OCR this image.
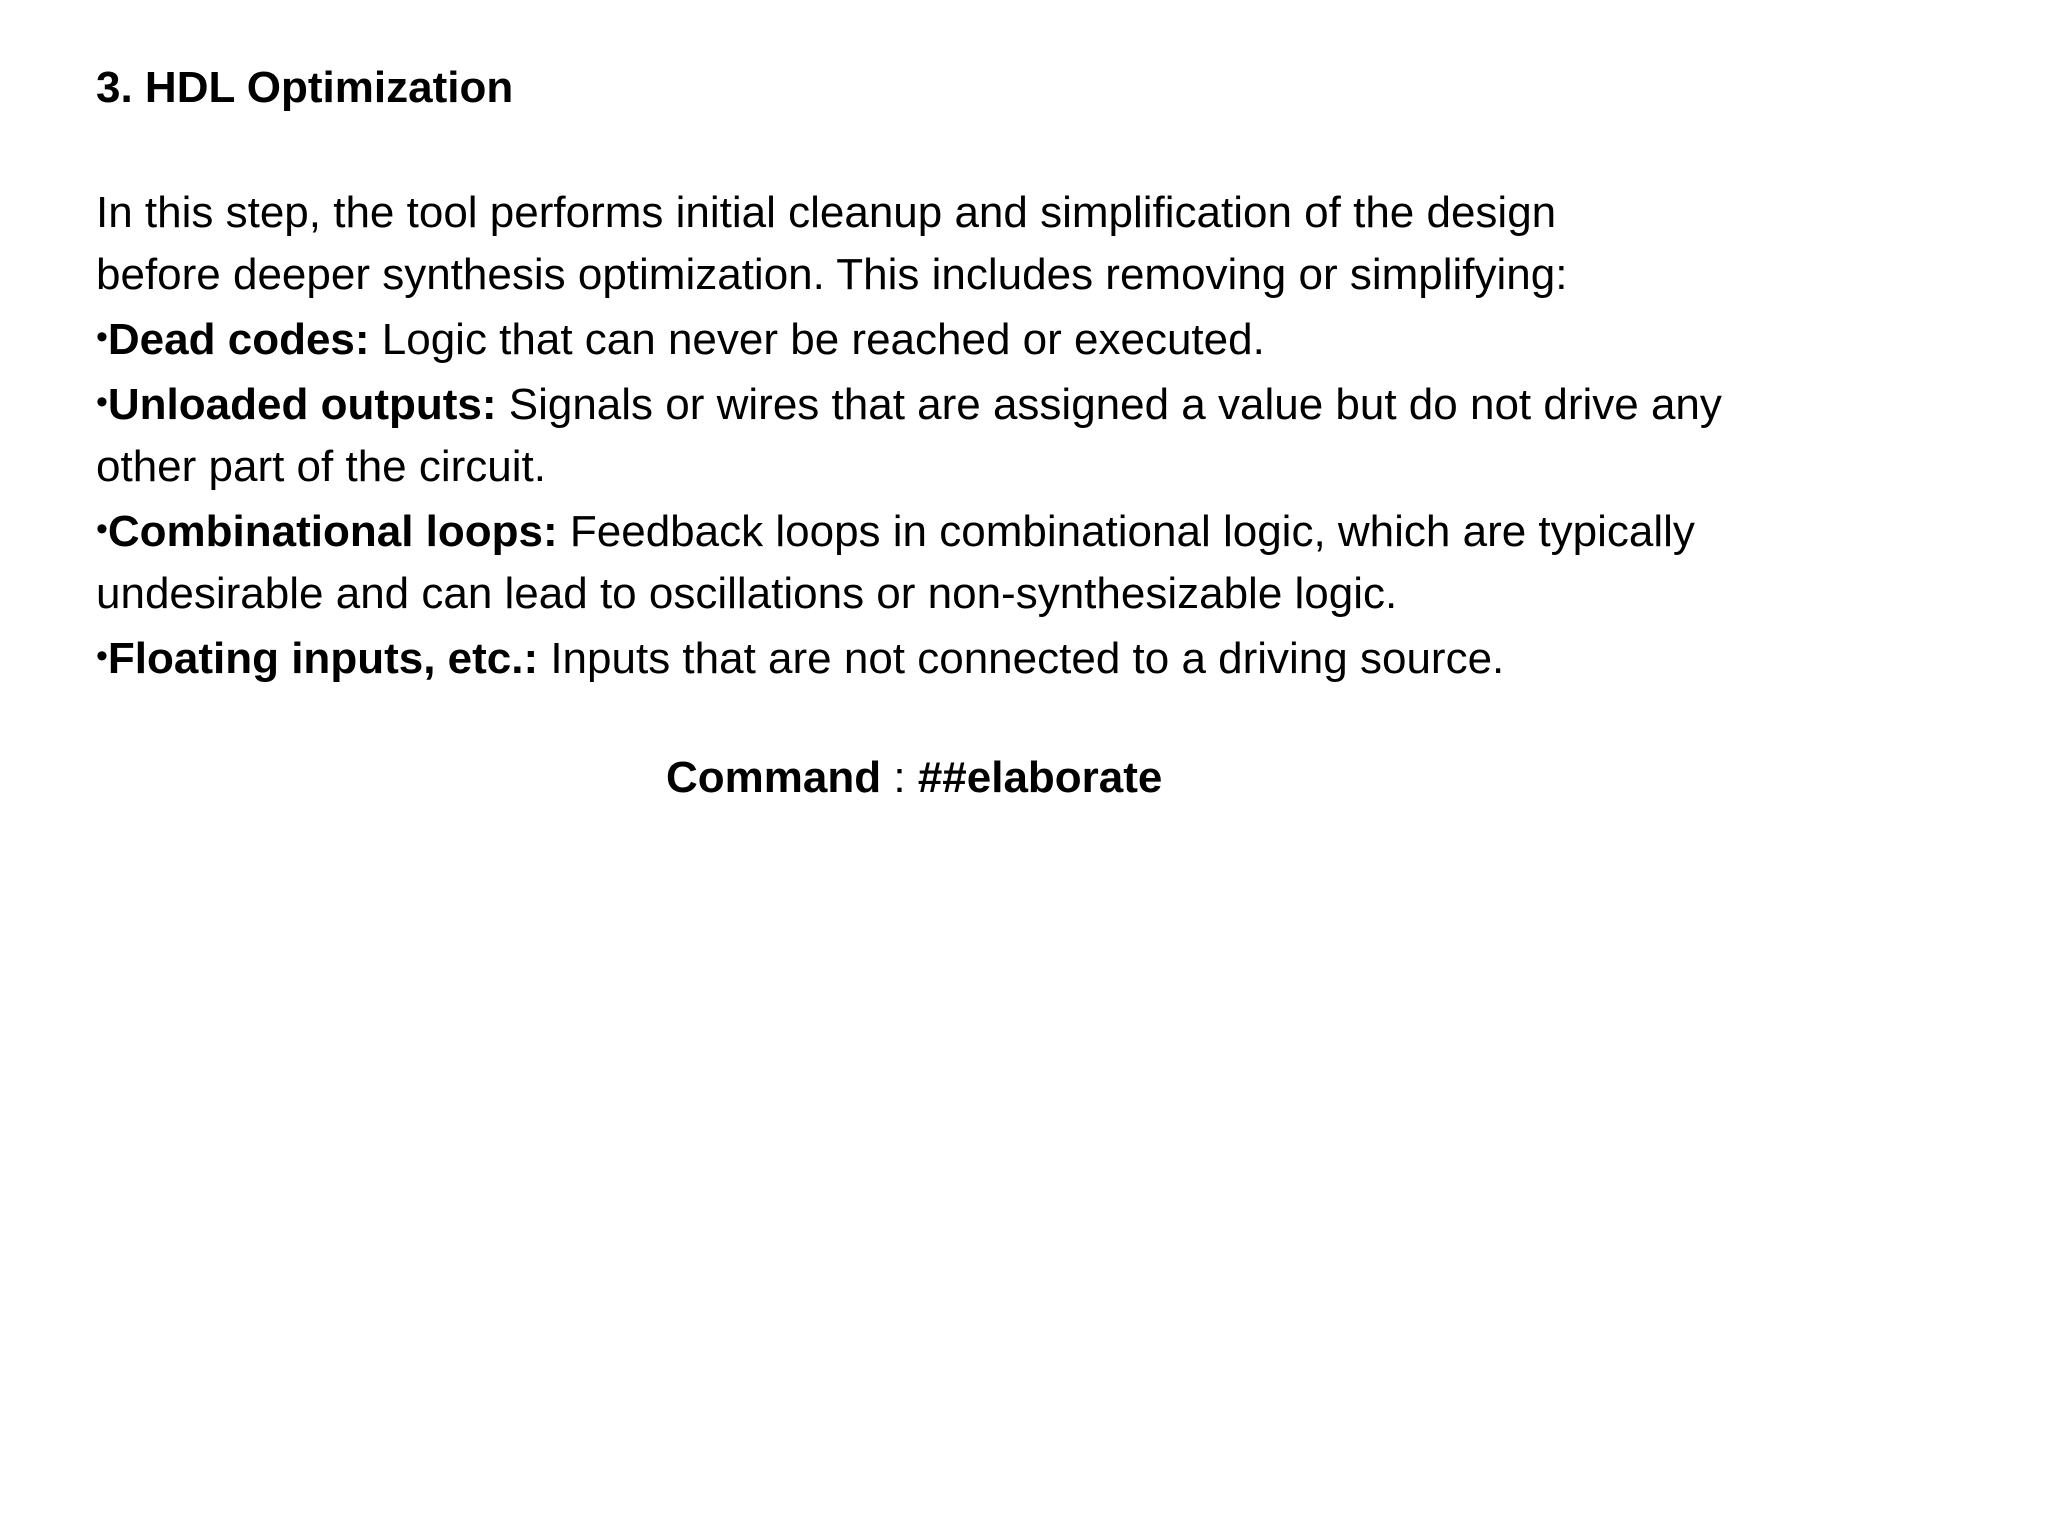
3. HDL Optimization

In this step, the tool performs initial cleanup and simplification of the design

before deeper synthesis optimization. This includes removing or simplifying:

•Dead codes: Logic that can never be reached or executed.

•Unloaded outputs: Signals or wires that are assigned a value but do not drive any
other part of the circuit.

•Combinational loops: Feedback loops in combinational logic, which are typically
undesirable and can lead to oscillations or non-synthesizable logic.

•Floating inputs, etc.: Inputs that are not connected to a driving source.

Command : ##elaborate
